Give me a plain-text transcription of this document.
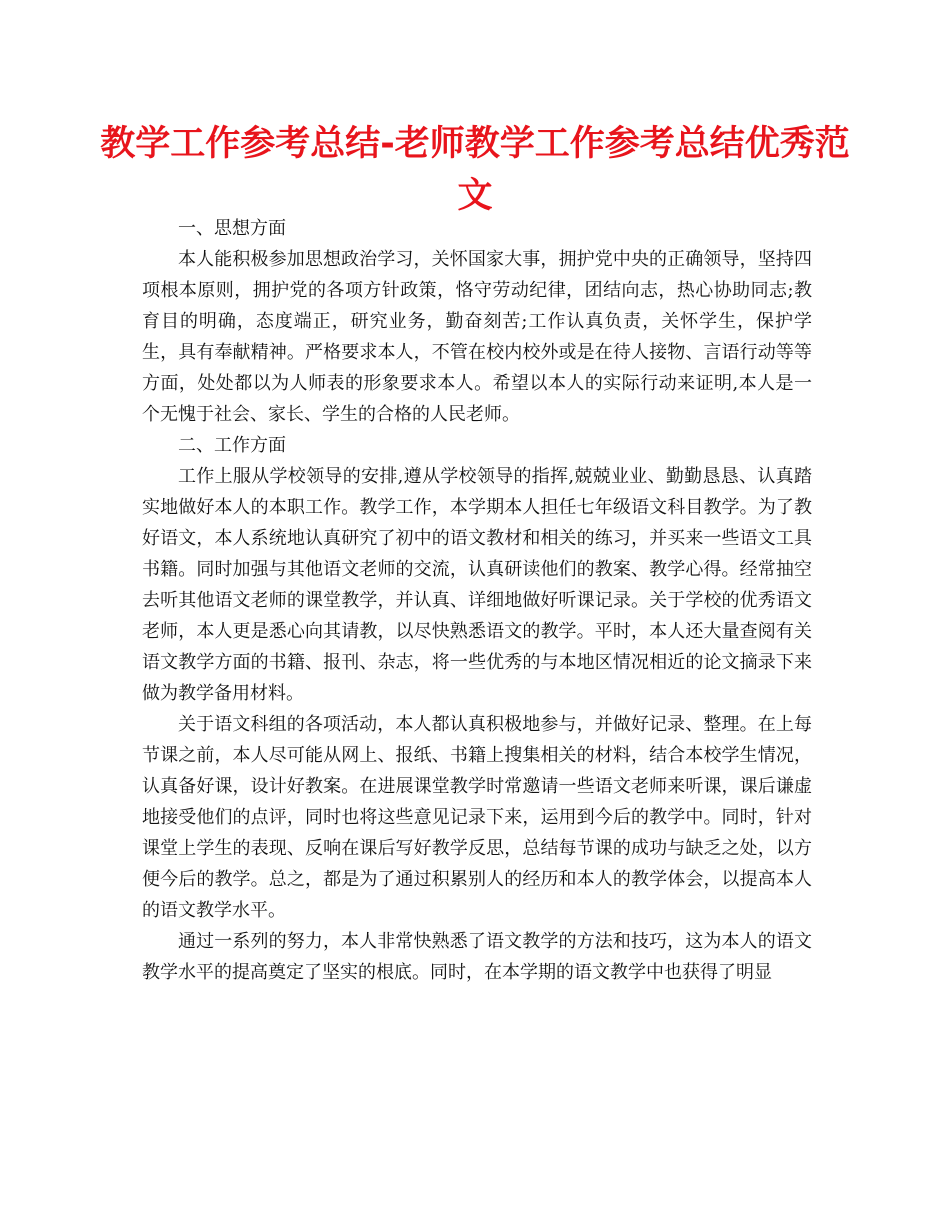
教学工作参考总结-老师教学工作参考总结优秀范文

一、思想方面

本人能积极参加思想政治学习，关怀国家大事，拥护党中央的正确领导，坚持四项根本原则，拥护党的各项方针政策，恪守劳动纪律，团结向志，热心协助同志;教育目的明确，态度端正，研究业务，勤奋刻苦;工作认真负责，关怀学生，保护学生，具有奉献精神。严格要求本人，不管在校内校外或是在待人接物、言语行动等等方面，处处都以为人师表的形象要求本人。希望以本人的实际行动来证明,本人是一个无愧于社会、家长、学生的合格的人民老师。

二、工作方面

工作上服从学校领导的安排,遵从学校领导的指挥,兢兢业业、勤勤恳恳、认真踏实地做好本人的本职工作。教学工作，本学期本人担任七年级语文科目教学。为了教好语文，本人系统地认真研究了初中的语文教材和相关的练习，并买来一些语文工具书籍。同时加强与其他语文老师的交流，认真研读他们的教案、教学心得。经常抽空去听其他语文老师的课堂教学，并认真、详细地做好听课记录。关于学校的优秀语文老师，本人更是悉心向其请教，以尽快熟悉语文的教学。平时，本人还大量查阅有关语文教学方面的书籍、报刊、杂志，将一些优秀的与本地区情况相近的论文摘录下来做为教学备用材料。

关于语文科组的各项活动，本人都认真积极地参与，并做好记录、整理。在上每节课之前，本人尽可能从网上、报纸、书籍上搜集相关的材料，结合本校学生情况，认真备好课，设计好教案。在进展课堂教学时常邀请一些语文老师来听课，课后谦虚地接受他们的点评，同时也将这些意见记录下来，运用到今后的教学中。同时，针对课堂上学生的表现、反响在课后写好教学反思，总结每节课的成功与缺乏之处，以方便今后的教学。总之，都是为了通过积累别人的经历和本人的教学体会，以提高本人的语文教学水平。

通过一系列的努力，本人非常快熟悉了语文教学的方法和技巧，这为本人的语文教学水平的提高奠定了坚实的根底。同时，在本学期的语文教学中也获得了明显
